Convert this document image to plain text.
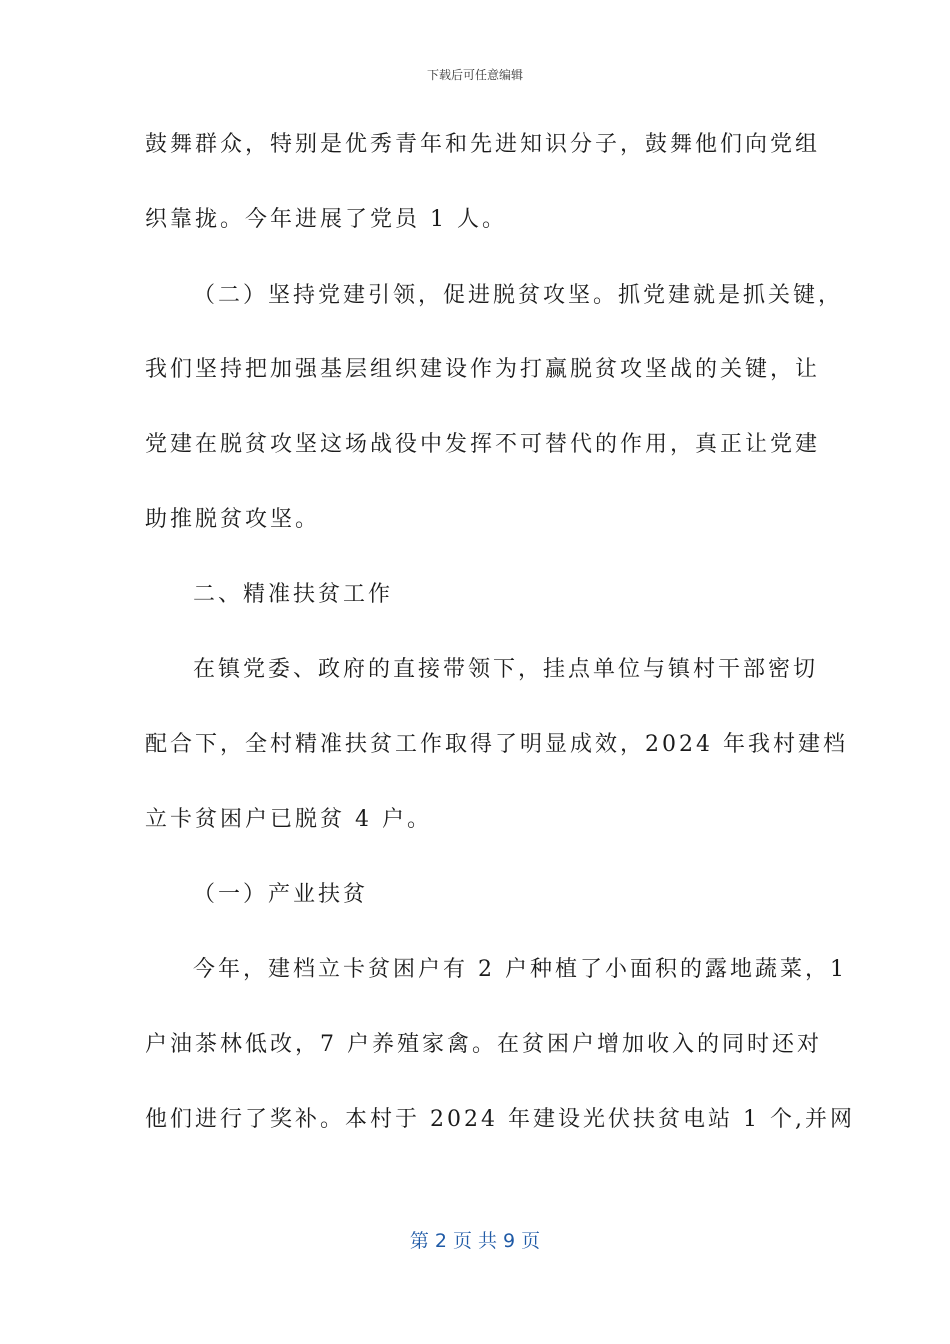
下载后可任意编辑
鼓舞群众，特别是优秀青年和先进知识分子，鼓舞他们向党组
织靠拢。今年进展了党员 1 人。
（二）坚持党建引领，促进脱贫攻坚。抓党建就是抓关键，
我们坚持把加强基层组织建设作为打赢脱贫攻坚战的关键，让
党建在脱贫攻坚这场战役中发挥不可替代的作用，真正让党建
助推脱贫攻坚。
二、精准扶贫工作
在镇党委、政府的直接带领下，挂点单位与镇村干部密切
配合下，全村精准扶贫工作取得了明显成效，2024 年我村建档
立卡贫困户已脱贫 4 户。
（一）产业扶贫
今年，建档立卡贫困户有 2 户种植了小面积的露地蔬菜，1
户油茶林低改，7 户养殖家禽。在贫困户增加收入的同时还对
他们进行了奖补。本村于 2024 年建设光伏扶贫电站 1 个,并网
第 2 页 共 9 页
